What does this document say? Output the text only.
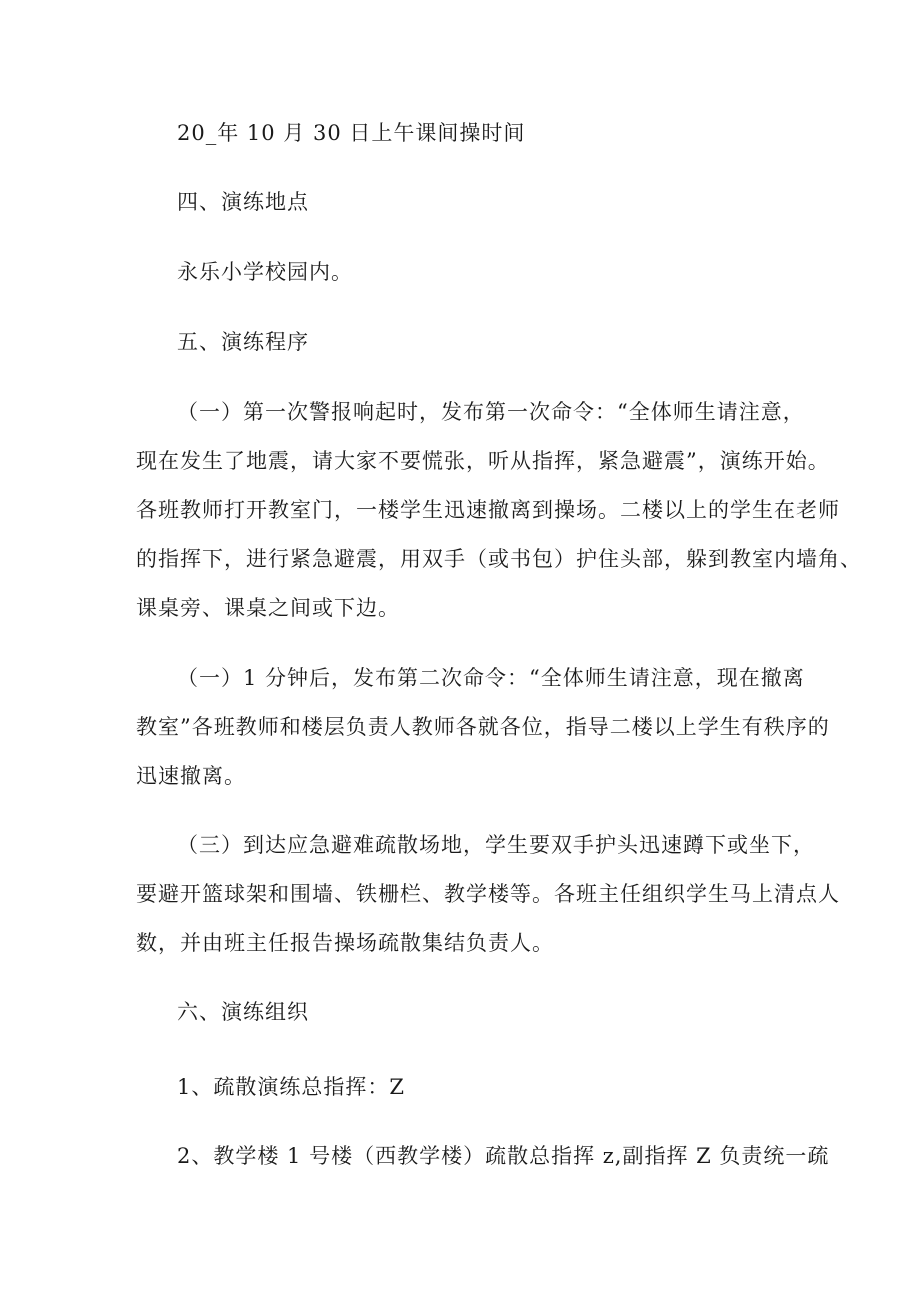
20_年 10 月 30 日上午课间操时间
四、演练地点
永乐小学校园内。
五、演练程序
（一）第一次警报响起时，发布第一次命令：“全体师生请注意，
现在发生了地震，请大家不要慌张，听从指挥，紧急避震”，演练开始。
各班教师打开教室门，一楼学生迅速撤离到操场。二楼以上的学生在老师
的指挥下，进行紧急避震，用双手（或书包）护住头部，躲到教室内墙角、
课桌旁、课桌之间或下边。
（一）1 分钟后，发布第二次命令：“全体师生请注意，现在撤离
教室”各班教师和楼层负责人教师各就各位，指导二楼以上学生有秩序的
迅速撤离。
（三）到达应急避难疏散场地，学生要双手护头迅速蹲下或坐下，
要避开篮球架和围墙、铁栅栏、教学楼等。各班主任组织学生马上清点人
数，并由班主任报告操场疏散集结负责人。
六、演练组织
1、疏散演练总指挥：Z
2、教学楼 1 号楼（西教学楼）疏散总指挥 z,副指挥 Z 负责统一疏
